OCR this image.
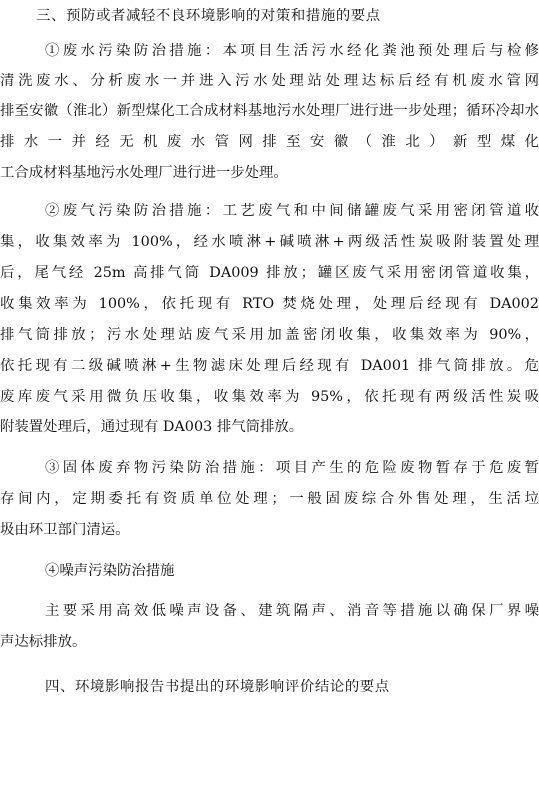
三、预防或者减轻不良环境影响的对策和措施的要点
①废水污染防治措施：本项目生活污水经化粪池预处理后与检修
清洗废水、分析废水一并进入污水处理站处理达标后经有机废水管网
排至安徽（淮北）新型煤化工合成材料基地污水处理厂进行进一步处理；循环冷却水排水一并经无机废水管网排至安徽（淮北）新型煤化
工合成材料基地污水处理厂进行进一步处理。
②废气污染防治措施：工艺废气和中间储罐废气采用密闭管道收
集，收集效率为 100%，经水喷淋+碱喷淋+两级活性炭吸附装置处理
后，尾气经 25m 高排气筒 DA009 排放；罐区废气采用密闭管道收集，
收集效率为 100%，依托现有 RTO 焚烧处理，处理后经现有 DA002
排气筒排放；污水处理站废气采用加盖密闭收集，收集效率为 90%，
依托现有二级碱喷淋+生物滤床处理后经现有 DA001 排气筒排放。危
废库废气采用微负压收集，收集效率为 95%，依托现有两级活性炭吸
附装置处理后，通过现有 DA003 排气筒排放。
③固体废弃物污染防治措施：项目产生的危险废物暂存于危废暂
存间内，定期委托有资质单位处理；一般固废综合外售处理，生活垃
圾由环卫部门清运。
④噪声污染防治措施
主要采用高效低噪声设备、建筑隔声、消音等措施以确保厂界噪
声达标排放。
四、环境影响报告书提出的环境影响评价结论的要点
